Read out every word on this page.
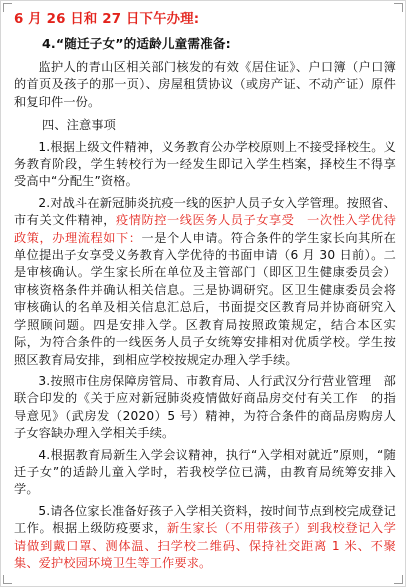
6 月 26 日和 27 日下午办理:

4.“随迁子女”的适龄儿童需准备:

监护人的青山区相关部门核发的有效《居住证》、户口簿（户口簿的首页及孩子的那一页）、房屋租赁协议（或房产证、不动产证）原件和复印件一份。

四、注意事项

1.根据上级文件精神，义务教育公办学校原则上不接受择校生。义务教育阶段，学生转校行为一经发生即记入学生档案，择校生不得享受高中“分配生”资格。

2.对战斗在新冠肺炎抗疫一线的医护人员子女入学管理。按照省、市有关文件精神，疫情防控一线医务人员子女享受　一次性入学优待政策，办理流程如下：一是个人申请。符合条件的学生家长向其所在单位提出子女享受义务教育入学优待的书面申请（6 月 30 日前）。二是审核确认。学生家长所在单位及主管部门（即区卫生健康委员会）审核资格条件并确认相关信息。三是协调研究。区卫生健康委员会将审核确认的名单及相关信息汇总后，书面提交区教育局并协商研究入学照顾问题。四是安排入学。区教育局按照政策规定，结合本区实际，为符合条件的一线医务人员子女统筹安排相对优质学校。学生按照区教育局安排，到相应学校按规定办理入学手续。

3.按照市住房保障房管局、市教育局、人行武汉分行营业管理　部联合印发的《关于应对新冠肺炎疫情做好商品房交付有关工作　的指导意见》（武房发（2020）5 号）精神，为符合条件的商品房购房人子女容缺办理入学相关手续。

4.根据教育局新生入学会议精神，执行“入学相对就近”原则，“随迁子女”的适龄儿童入学时，若我校学位已满，由教育局统筹安排入学。

5.请各位家长准备好孩子入学相关资料，按时间节点到校完成登记工作。根据上级防疫要求，新生家长（不用带孩子）到我校登记入学请做到戴口罩、测体温、扫学校二维码、保持社交距离 1 米、不聚集、爱护校园环境卫生等工作要求。
